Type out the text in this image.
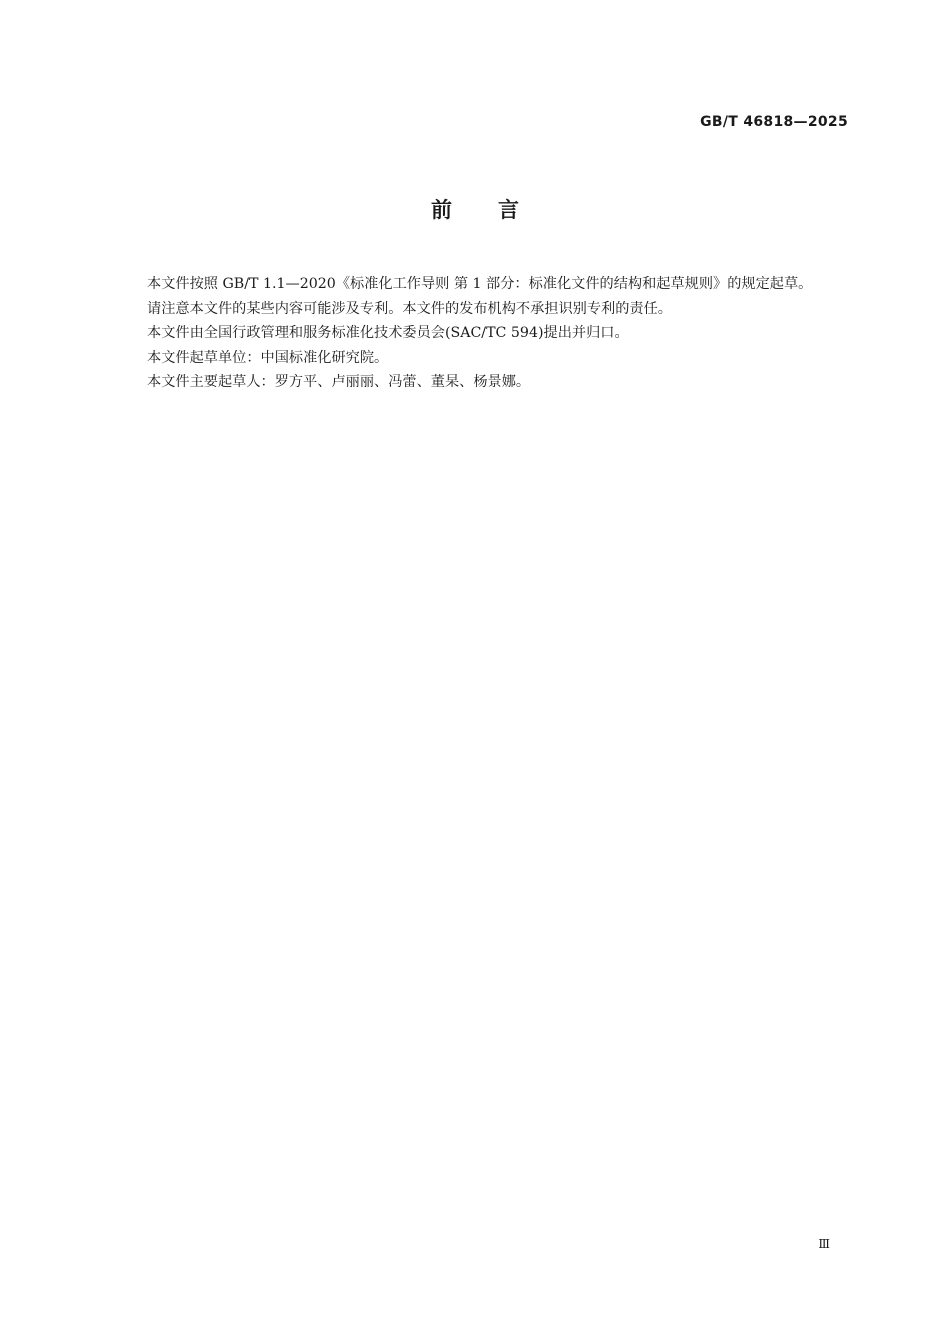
GB/T 46818—2025
前言

本文件按照 GB/T 1.1—2020《标准化工作导则 第 1 部分：标准化文件的结构和起草规则》的规定起草。

请注意本文件的某些内容可能涉及专利。本文件的发布机构不承担识别专利的责任。

本文件由全国行政管理和服务标准化技术委员会(SAC/TC 594)提出并归口。

本文件起草单位：中国标准化研究院。

本文件主要起草人：罗方平、卢丽丽、冯蕾、董杲、杨景娜。

Ⅲ
